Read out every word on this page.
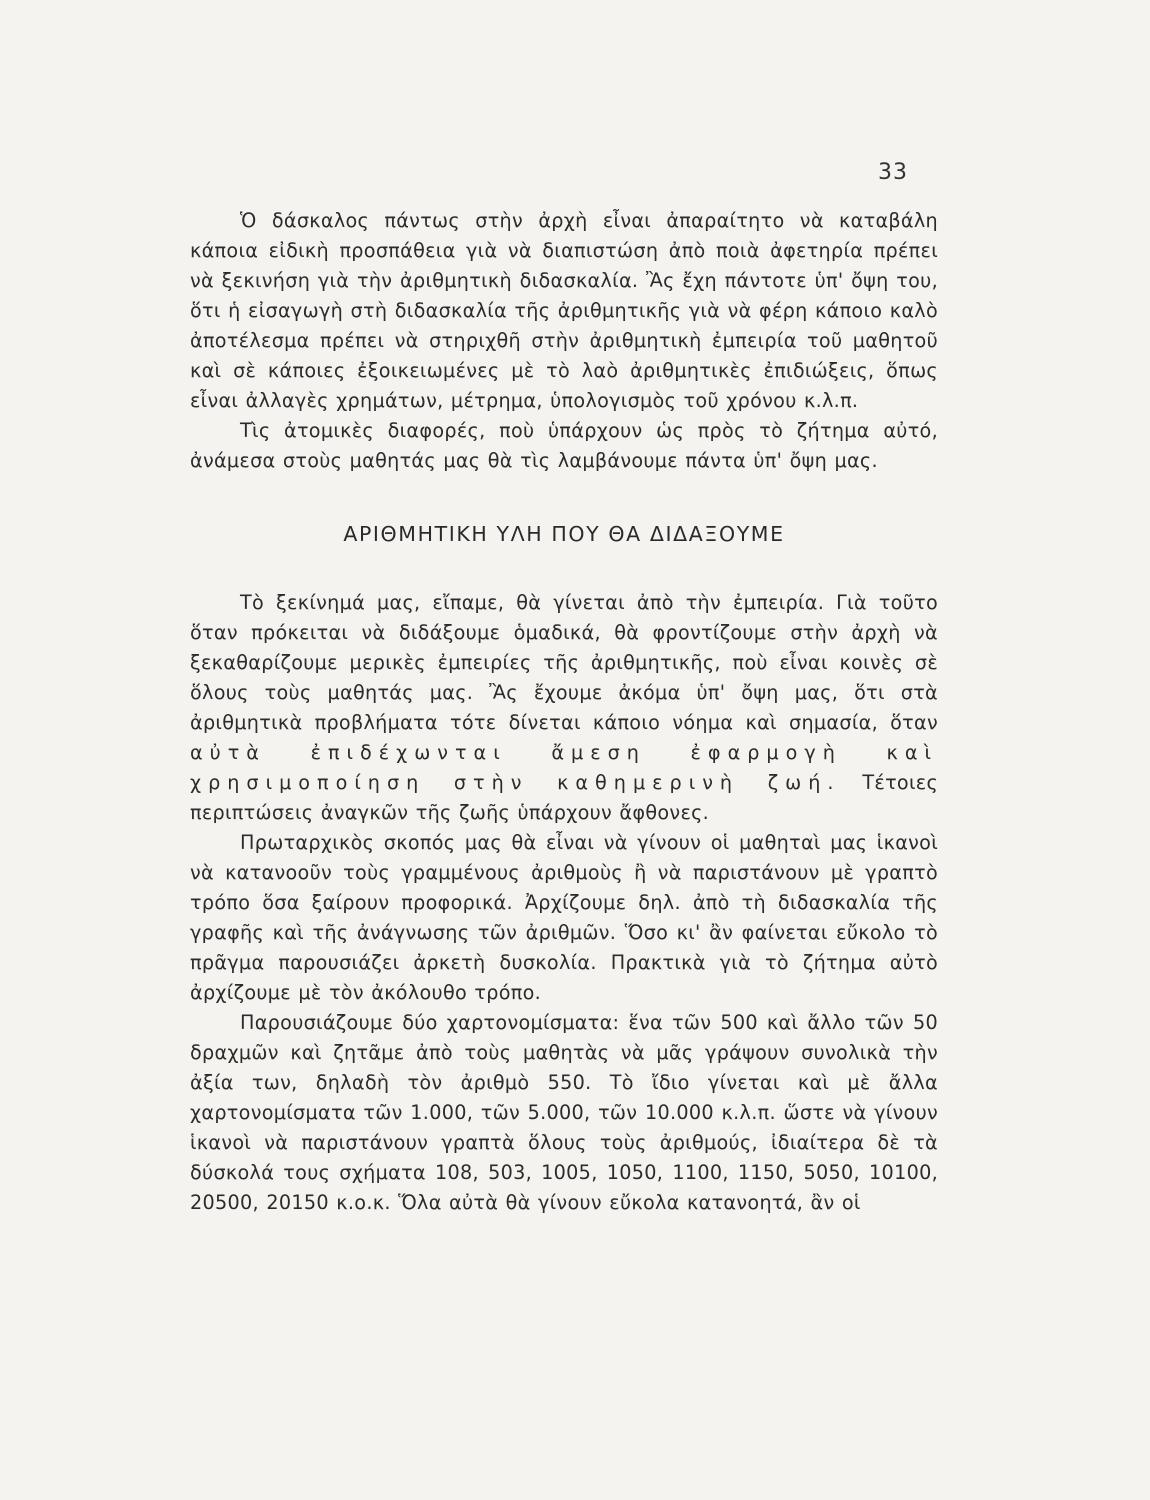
33

Ὁ δάσκαλος πάντως στὴν ἀρχὴ εἶναι ἀπαραίτητο νὰ καταβάλη κάποια εἰδικὴ προσπάθεια γιὰ νὰ διαπιστώση ἀπὸ ποιὰ ἀφετηρία πρέπει νὰ ξεκινήση γιὰ τὴν ἀριθμητικὴ διδασκαλία. Ἂς ἔχη πάντοτε ὑπ' ὄψη του, ὅτι ἡ εἰσαγωγὴ στὴ διδασκαλία τῆς ἀριθμητικῆς γιὰ νὰ φέρη κάποιο καλὸ ἀποτέλεσμα πρέπει νὰ στηριχθῆ στὴν ἀριθμητικὴ ἐμπειρία τοῦ μαθητοῦ καὶ σὲ κάποιες ἐξοικειωμένες μὲ τὸ λαὸ ἀριθμητικὲς ἐπιδιώξεις, ὅπως εἶναι ἀλλαγὲς χρημάτων, μέτρημα, ὑπολογισμὸς τοῦ χρόνου κ.λ.π.

Τὶς ἀτομικὲς διαφορές, ποὺ ὑπάρχουν ὡς πρὸς τὸ ζήτημα αὐτό, ἀνάμεσα στοὺς μαθητάς μας θὰ τὶς λαμβάνουμε πάντα ὑπ' ὄψη μας.

ΑΡΙΘΜΗΤΙΚΗ ΥΛΗ ΠΟΥ ΘΑ ΔΙΔΑΞΟΥΜΕ

Τὸ ξεκίνημά μας, εἴπαμε, θὰ γίνεται ἀπὸ τὴν ἐμπειρία. Γιὰ τοῦτο ὅταν πρόκειται νὰ διδάξουμε ὁμαδικά, θὰ φροντίζουμε στὴν ἀρχὴ νὰ ξεκαθαρίζουμε μερικὲς ἐμπειρίες τῆς ἀριθμητικῆς, ποὺ εἶναι κοινὲς σὲ ὅλους τοὺς μαθητάς μας. Ἂς ἔχουμε ἀκόμα ὑπ' ὄψη μας, ὅτι στὰ ἀριθμητικὰ προβλήματα τότε δίνεται κάποιο νόημα καὶ σημασία, ὅταν αὐτὰ ἐπιδέχωνται ἄμεση ἐφαρμογὴ καὶ χρησιμοποίηση στὴν καθημερινὴ ζωή. Τέτοιες περιπτώσεις ἀναγκῶν τῆς ζωῆς ὑπάρχουν ἄφθονες.

Πρωταρχικὸς σκοπός μας θὰ εἶναι νὰ γίνουν οἱ μαθηταὶ μας ἱκανοὶ νὰ κατανοοῦν τοὺς γραμμένους ἀριθμοὺς ἢ νὰ παριστάνουν μὲ γραπτὸ τρόπο ὅσα ξαίρουν προφορικά. Ἀρχίζουμε δηλ. ἀπὸ τὴ διδασκαλία τῆς γραφῆς καὶ τῆς ἀνάγνωσης τῶν ἀριθμῶν. Ὅσο κι' ἂν φαίνεται εὔκολο τὸ πρᾶγμα παρουσιάζει ἀρκετὴ δυσκολία. Πρακτικὰ γιὰ τὸ ζήτημα αὐτὸ ἀρχίζουμε μὲ τὸν ἀκόλουθο τρόπο.

Παρουσιάζουμε δύο χαρτονομίσματα: ἕνα τῶν 500 καὶ ἄλλο τῶν 50 δραχμῶν καὶ ζητᾶμε ἀπὸ τοὺς μαθητὰς νὰ μᾶς γράψουν συνολικὰ τὴν ἀξία των, δηλαδὴ τὸν ἀριθμὸ 550. Τὸ ἴδιο γίνεται καὶ μὲ ἄλλα χαρτονομίσματα τῶν 1.000, τῶν 5.000, τῶν 10.000 κ.λ.π. ὥστε νὰ γίνουν ἱκανοὶ νὰ παριστάνουν γραπτὰ ὅλους τοὺς ἀριθμούς, ἰδιαίτερα δὲ τὰ δύσκολά τους σχήματα 108, 503, 1005, 1050, 1100, 1150, 5050, 10100, 20500, 20150 κ.ο.κ. Ὅλα αὐτὰ θὰ γίνουν εὔκολα κατανοητά, ἂν οἱ
